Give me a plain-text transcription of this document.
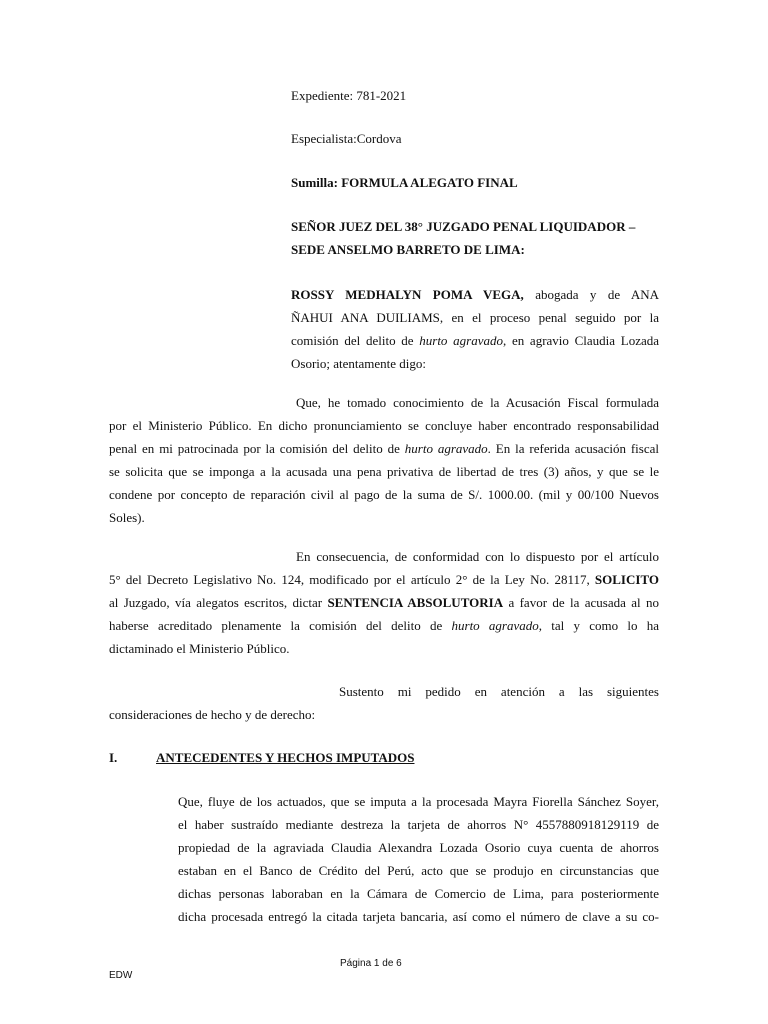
Expediente: 781-2021
Especialista:Cordova
Sumilla: FORMULA ALEGATO FINAL
SEÑOR JUEZ DEL 38° JUZGADO PENAL LIQUIDADOR –
SEDE ANSELMO BARRETO DE LIMA:
ROSSY MEDHALYN POMA VEGA, abogada y de ANA
ÑAHUI ANA DUILIAMS, en el proceso penal seguido por la
comisión del delito de hurto agravado, en agravio Claudia Lozada
Osorio; atentamente digo:
Que, he tomado conocimiento de la Acusación Fiscal formulada
por el Ministerio Público. En dicho pronunciamiento se concluye haber encontrado responsabilidad
penal en mi patrocinada por la comisión del delito de hurto agravado. En la referida acusación fiscal
se solicita que se imponga a la acusada una pena privativa de libertad de tres (3) años, y que se le
condene por concepto de reparación civil al pago de la suma de S/. 1000.00. (mil y 00/100 Nuevos
Soles).
En consecuencia, de conformidad con lo dispuesto por el artículo
5° del Decreto Legislativo No. 124, modificado por el artículo 2° de la Ley No. 28117, SOLICITO
al Juzgado, vía alegatos escritos, dictar SENTENCIA ABSOLUTORIA a favor de la acusada al no
haberse acreditado plenamente la comisión del delito de hurto agravado, tal y como lo ha
dictaminado el Ministerio Público.
Sustento mi pedido en atención a las siguientes
consideraciones de hecho y de derecho:
I.	ANTECEDENTES Y HECHOS IMPUTADOS
Que, fluye de los actuados, que se imputa a la procesada Mayra Fiorella Sánchez Soyer,
el haber sustraído mediante destreza la tarjeta de ahorros N° 4557880918129119 de
propiedad de la agraviada Claudia Alexandra Lozada Osorio cuya cuenta de ahorros
estaban en el Banco de Crédito del Perú, acto que se produjo en circunstancias que
dichas personas laboraban en la Cámara de Comercio de Lima, para posteriormente
dicha procesada entregó la citada tarjeta bancaria, así como el número de clave a su co-
Página 1 de 6
EDW
